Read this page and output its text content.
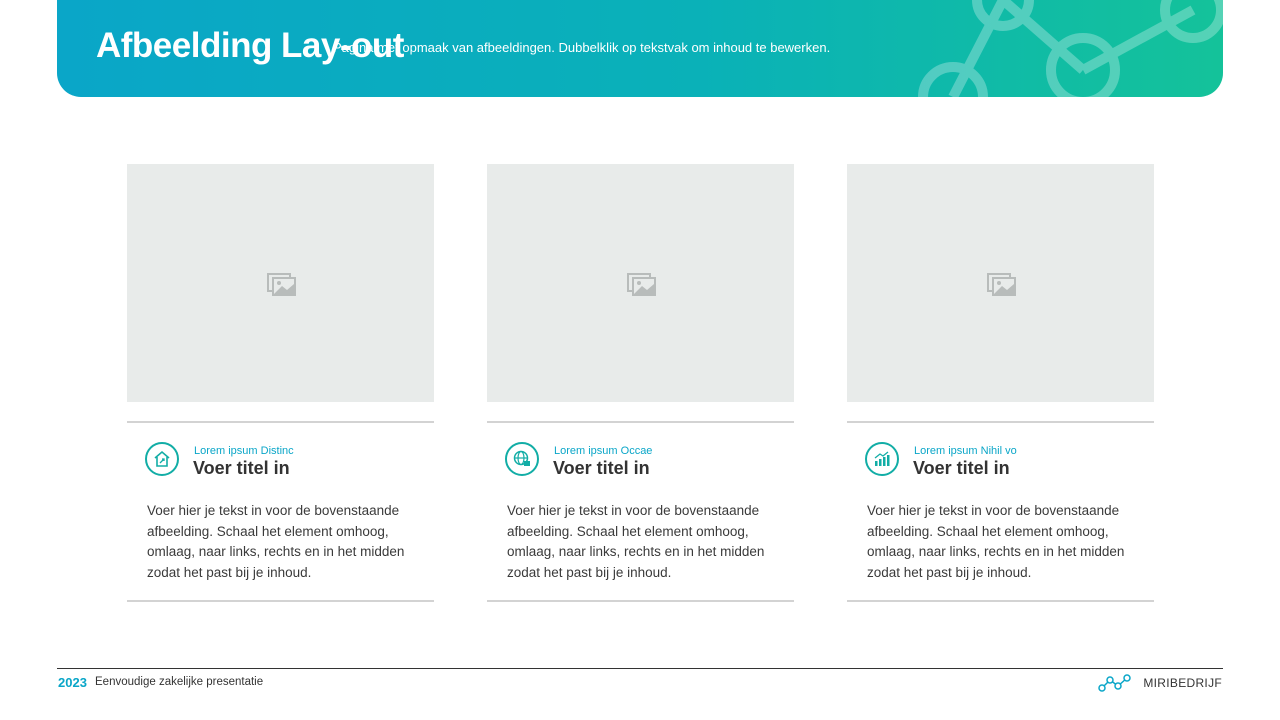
Afbeelding Lay-out
Pagina met opmaak van afbeeldingen. Dubbelklik op tekstvak om inhoud te bewerken.
Lorem ipsum Distinc
Voer titel in
Voer hier je tekst in voor de bovenstaande afbeelding. Schaal het element omhoog, omlaag, naar links, rechts en in het midden zodat het past bij je inhoud.
Lorem ipsum Occae
Voer titel in
Voer hier je tekst in voor de bovenstaande afbeelding. Schaal het element omhoog, omlaag, naar links, rechts en in het midden zodat het past bij je inhoud.
Lorem ipsum Nihil vo
Voer titel in
Voer hier je tekst in voor de bovenstaande afbeelding. Schaal het element omhoog, omlaag, naar links, rechts en in het midden zodat het past bij je inhoud.
2023 Eenvoudige zakelijke presentatie	MIRIBEDRIJF
